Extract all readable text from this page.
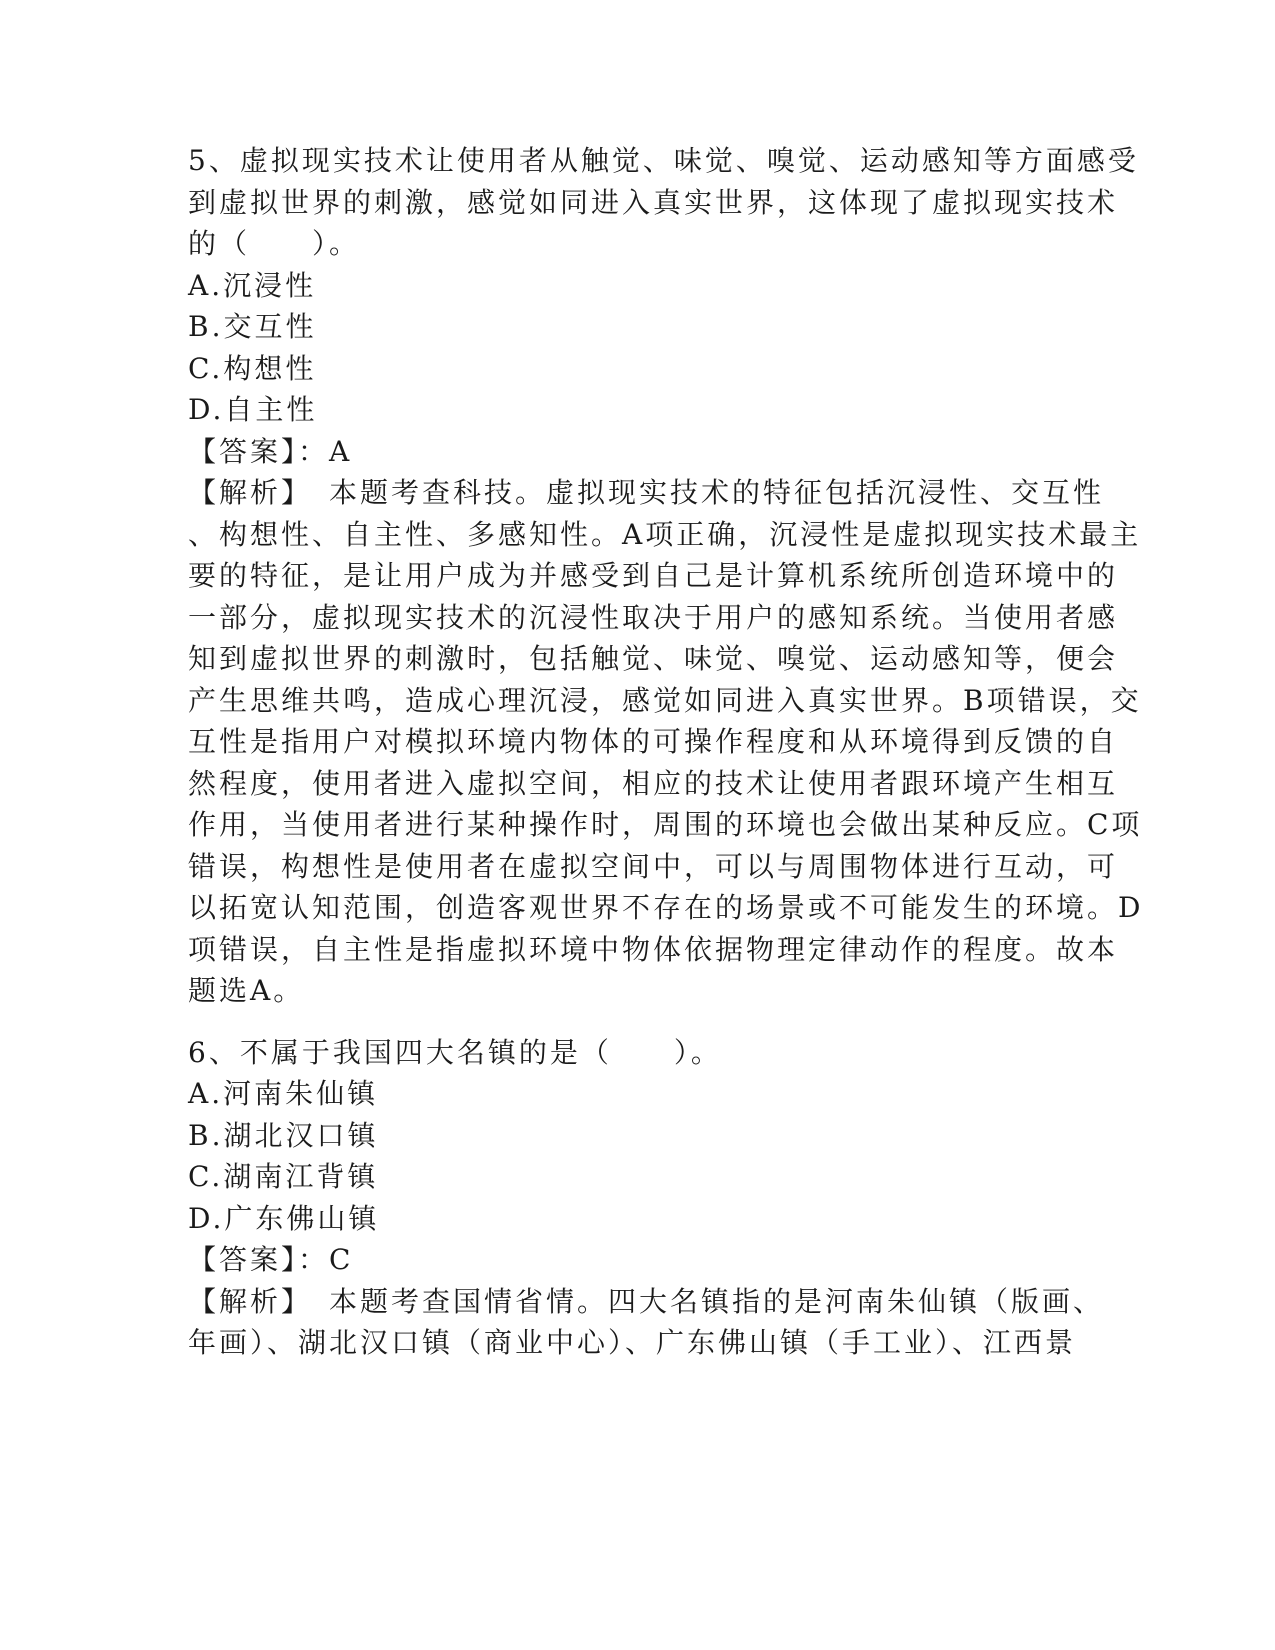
5、虚拟现实技术让使用者从触觉、味觉、嗅觉、运动感知等方面感受
到虚拟世界的刺激，感觉如同进入真实世界，这体现了虚拟现实技术
的（　　）。
A.沉浸性
B.交互性
C.构想性
D.自主性
【答案】：A
【解析】　本题考查科技。虚拟现实技术的特征包括沉浸性、交互性
、构想性、自主性、多感知性。A项正确，沉浸性是虚拟现实技术最主
要的特征，是让用户成为并感受到自己是计算机系统所创造环境中的
一部分，虚拟现实技术的沉浸性取决于用户的感知系统。当使用者感
知到虚拟世界的刺激时，包括触觉、味觉、嗅觉、运动感知等，便会
产生思维共鸣，造成心理沉浸，感觉如同进入真实世界。B项错误，交
互性是指用户对模拟环境内物体的可操作程度和从环境得到反馈的自
然程度，使用者进入虚拟空间，相应的技术让使用者跟环境产生相互
作用，当使用者进行某种操作时，周围的环境也会做出某种反应。C项
错误，构想性是使用者在虚拟空间中，可以与周围物体进行互动，可
以拓宽认知范围，创造客观世界不存在的场景或不可能发生的环境。D
项错误，自主性是指虚拟环境中物体依据物理定律动作的程度。故本
题选A。
6、不属于我国四大名镇的是（　　）。
A.河南朱仙镇
B.湖北汉口镇
C.湖南江背镇
D.广东佛山镇
【答案】：C
【解析】　本题考查国情省情。四大名镇指的是河南朱仙镇（版画、
年画）、湖北汉口镇（商业中心）、广东佛山镇（手工业）、江西景
